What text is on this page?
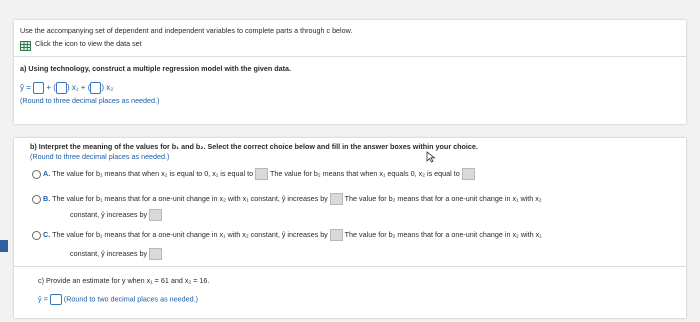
Use the accompanying set of dependent and independent variables to complete parts a through c below.
Click the icon to view the data set
a) Using technology, construct a multiple regression model with the given data.
ŷ = + ( ) x₁ + ( ) x₂
(Round to three decimal places as needed.)
b) Interpret the meaning of the values for b₁ and b₂. Select the correct choice below and fill in the answer boxes within your choice.
(Round to three decimal places as needed.)
A. The value for b₁ means that when x₂ is equal to 0, x₁ is equal to The value for b₂ means that when x₁ equals 0, x₂ is equal to
B. The value for b₁ means that for a one-unit change in x₂ with x₁ constant, ŷ increases by The value for b₂ means that for a one-unit change in x₁ with x₂
constant, ŷ increases by
C. The value for b₁ means that for a one-unit change in x₁ with x₂ constant, ŷ increases by The value for b₂ means that for a one-unit change in x₂ with x₁
constant, ŷ increases by
c) Provide an estimate for y when x₁ = 61 and x₂ = 16.
ŷ = (Round to two decimal places as needed.)
